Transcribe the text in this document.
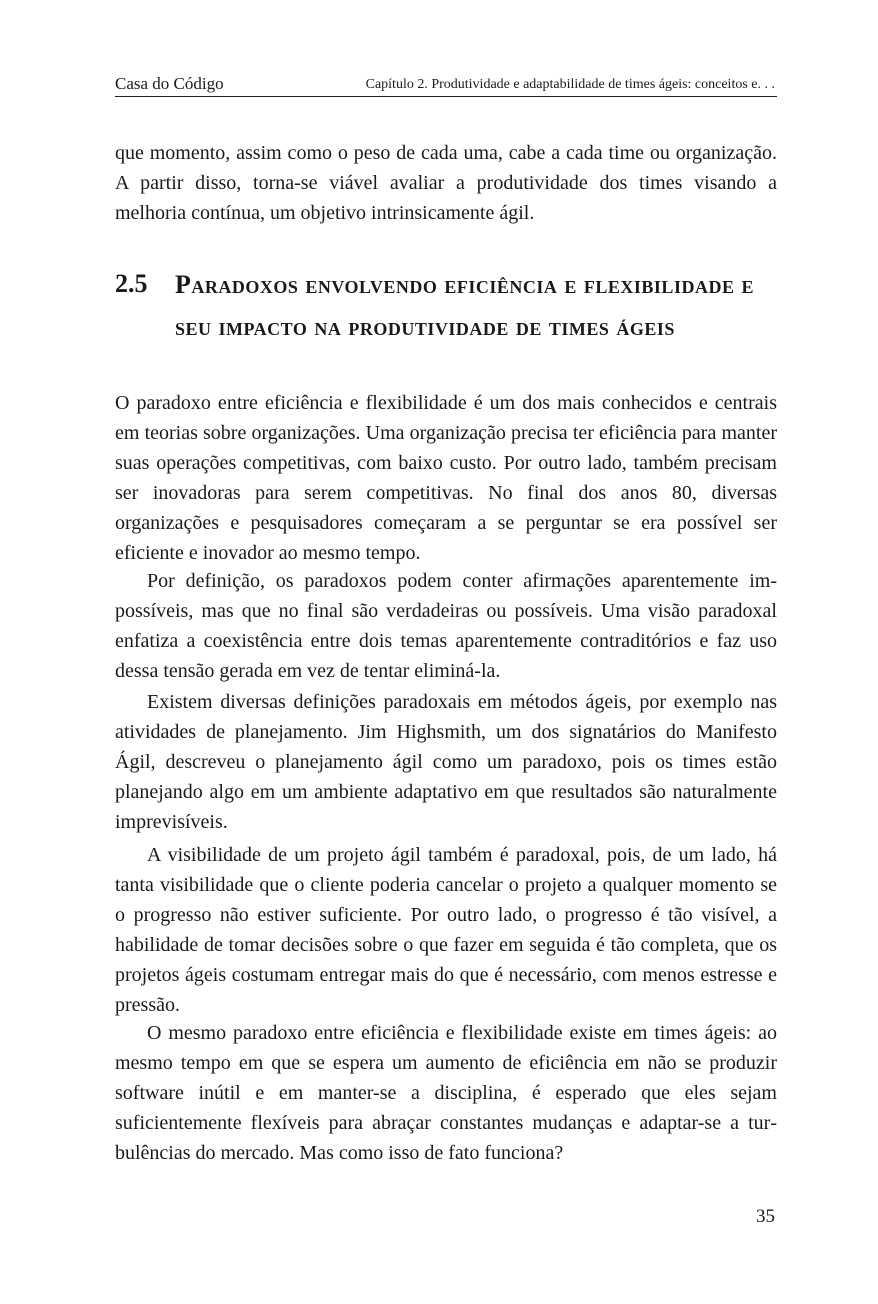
Casa do Código	Capítulo 2. Produtividade e adaptabilidade de times ágeis: conceitos e. . .

que momento, assim como o peso de cada uma, cabe a cada time ou organização. A partir disso, torna-se viável avaliar a produtividade dos times visando a melhoria contínua, um objetivo intrinsicamente ágil.

2.5 Paradoxos envolvendo eficiência e flexibilidade e seu impacto na produtividade de times ágeis

O paradoxo entre eficiência e flexibilidade é um dos mais conhecidos e centrais em teorias sobre organizações. Uma organização precisa ter eficiência para manter suas operações competitivas, com baixo custo. Por outro lado, também precisam ser inovadoras para serem competitivas. No final dos anos 80, diversas organizações e pesquisadores começaram a se perguntar se era possível ser eficiente e inovador ao mesmo tempo.

Por definição, os paradoxos podem conter afirmações aparentemente impossíveis, mas que no final são verdadeiras ou possíveis. Uma visão paradoxal enfatiza a coexistência entre dois temas aparentemente contraditórios e faz uso dessa tensão gerada em vez de tentar eliminá-la.

Existem diversas definições paradoxais em métodos ágeis, por exemplo nas atividades de planejamento. Jim Highsmith, um dos signatários do Manifesto Ágil, descreveu o planejamento ágil como um paradoxo, pois os times estão planejando algo em um ambiente adaptativo em que resultados são naturalmente imprevisíveis.

A visibilidade de um projeto ágil também é paradoxal, pois, de um lado, há tanta visibilidade que o cliente poderia cancelar o projeto a qualquer momento se o progresso não estiver suficiente. Por outro lado, o progresso é tão visível, a habilidade de tomar decisões sobre o que fazer em seguida é tão completa, que os projetos ágeis costumam entregar mais do que é necessário, com menos estresse e pressão.

O mesmo paradoxo entre eficiência e flexibilidade existe em times ágeis: ao mesmo tempo em que se espera um aumento de eficiência em não se produzir software inútil e em manter-se a disciplina, é esperado que eles sejam suficientemente flexíveis para abraçar constantes mudanças e adaptar-se a turbulências do mercado. Mas como isso de fato funciona?

35
